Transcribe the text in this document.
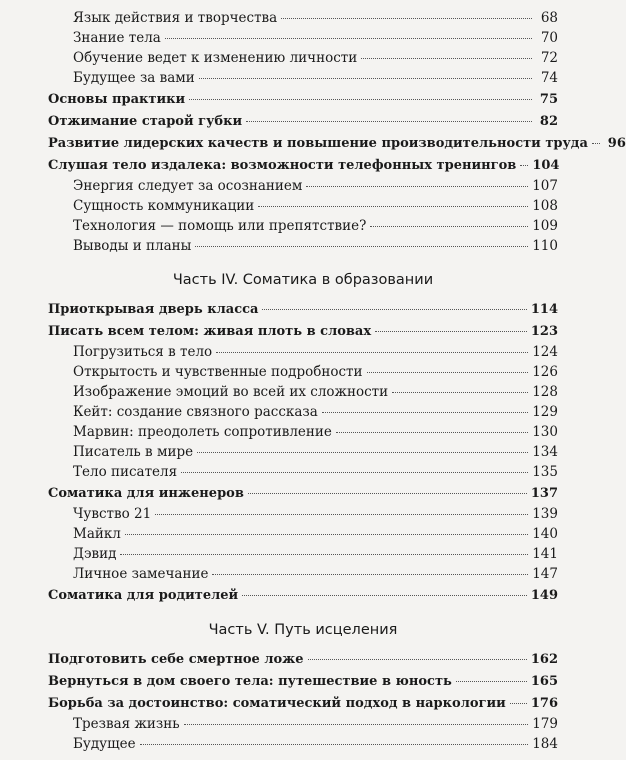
Язык действия и творчества	68
Знание тела	70
Обучение ведет к изменению личности	72
Будущее за вами	74
Основы практики	75
Отжимание старой губки	82
Развитие лидерских качеств и повышение производительности труда	96
Слушая тело издалека: возможности телефонных тренингов 104
Энергия следует за осознанием	107
Сущность коммуникации	108
Технология — помощь или препятствие?	109
Выводы и планы	110
Часть IV. Соматика в образовании
Приоткрывая дверь класса	114
Писать всем телом: живая плоть в словах	123
Погрузиться в тело	124
Открытость и чувственные подробности	126
Изображение эмоций во всей их сложности	128
Кейт: создание связного рассказа	129
Марвин: преодолеть сопротивление	130
Писатель в мире	134
Тело писателя	135
Соматика для инженеров	137
Чувство 21	139
Майкл	140
Дэвид	141
Личное замечание	147
Соматика для родителей	149
Часть V. Путь исцеления
Подготовить себе смертное ложе	162
Вернуться в дом своего тела: путешествие в юность	165
Борьба за достоинство: соматический подход в наркологии 176
Трезвая жизнь	179
Будущее	184
